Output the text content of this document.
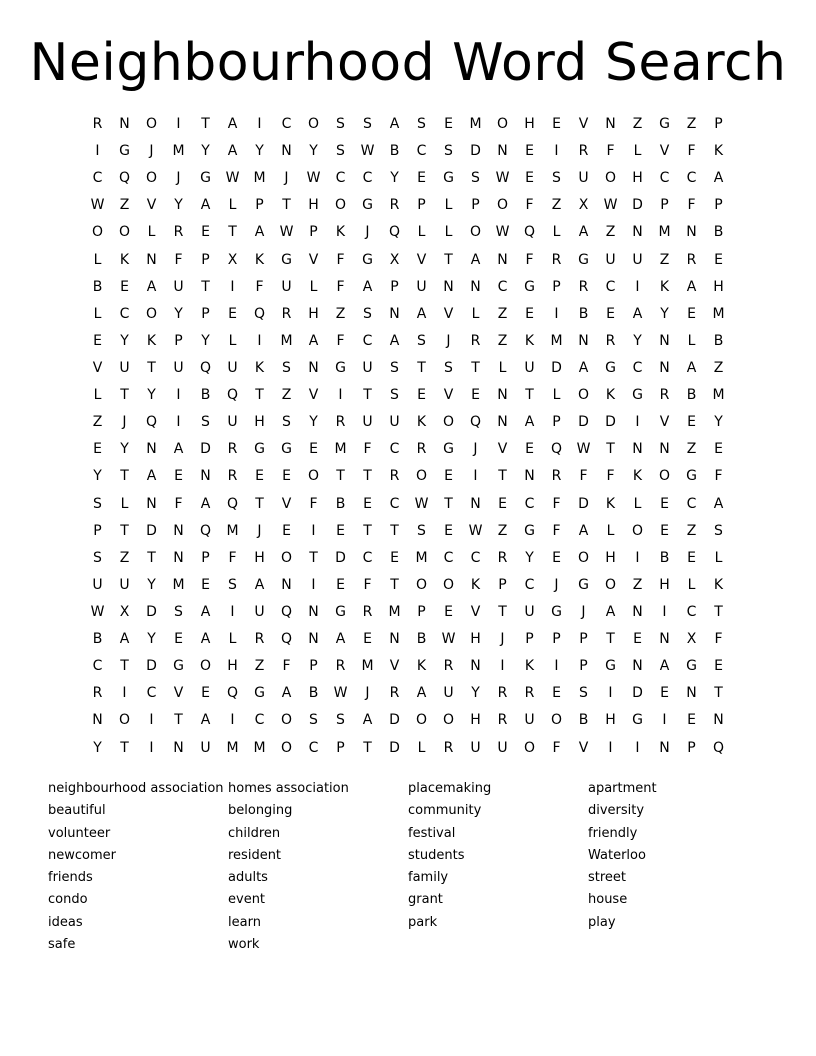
Neighbourhood Word Search
R	N	O	I	T	A	I	C	O	S	S	A	S	E	M	O	H	E	V	N	Z	G	Z	P
I	G	J	M	Y	A	Y	N	Y	S	W	B	C	S	D	N	E	I	R	F	L	V	F	K
C	Q	O	J	G	W	M	J	W	C	C	Y	E	G	S	W	E	S	U	O	H	C	C	A
W	Z	V	Y	A	L	P	T	H	O	G	R	P	L	P	O	F	Z	X	W	D	P	F	P
O	O	L	R	E	T	A	W	P	K	J	Q	L	L	O	W	Q	L	A	Z	N	M	N	B
L	K	N	F	P	X	K	G	V	F	G	X	V	T	A	N	F	R	G	U	U	Z	R	E
B	E	A	U	T	I	F	U	L	F	A	P	U	N	N	C	G	P	R	C	I	K	A	H
L	C	O	Y	P	E	Q	R	H	Z	S	N	A	V	L	Z	E	I	B	E	A	Y	E	M
E	Y	K	P	Y	L	I	M	A	F	C	A	S	J	R	Z	K	M	N	R	Y	N	L	B
V	U	T	U	Q	U	K	S	N	G	U	S	T	S	T	L	U	D	A	G	C	N	A	Z
L	T	Y	I	B	Q	T	Z	V	I	T	S	E	V	E	N	T	L	O	K	G	R	B	M
Z	J	Q	I	S	U	H	S	Y	R	U	U	K	O	Q	N	A	P	D	D	I	V	E	Y
E	Y	N	A	D	R	G	G	E	M	F	C	R	G	J	V	E	Q	W	T	N	N	Z	E
Y	T	A	E	N	R	E	E	O	T	T	R	O	E	I	T	N	R	F	F	K	O	G	F
S	L	N	F	A	Q	T	V	F	B	E	C	W	T	N	E	C	F	D	K	L	E	C	A
P	T	D	N	Q	M	J	E	I	E	T	T	S	E	W	Z	G	F	A	L	O	E	Z	S
S	Z	T	N	P	F	H	O	T	D	C	E	M	C	C	R	Y	E	O	H	I	B	E	L
U	U	Y	M	E	S	A	N	I	E	F	T	O	O	K	P	C	J	G	O	Z	H	L	K
W	X	D	S	A	I	U	Q	N	G	R	M	P	E	V	T	U	G	J	A	N	I	C	T
B	A	Y	E	A	L	R	Q	N	A	E	N	B	W	H	J	P	P	P	T	E	N	X	F
C	T	D	G	O	H	Z	F	P	R	M	V	K	R	N	I	K	I	P	G	N	A	G	E
R	I	C	V	E	Q	G	A	B	W	J	R	A	U	Y	R	R	E	S	I	D	E	N	T
N	O	I	T	A	I	C	O	S	S	A	D	O	O	H	R	U	O	B	H	G	I	E	N
Y	T	I	N	U	M	M	O	C	P	T	D	L	R	U	U	O	F	V	I	I	N	P	Q
neighbourhood association
beautiful
volunteer
newcomer
friends
condo
ideas
safe
homes association
belonging
children
resident
adults
event
learn
work
placemaking
community
festival
students
family
grant
park
apartment
diversity
friendly
Waterloo
street
house
play
